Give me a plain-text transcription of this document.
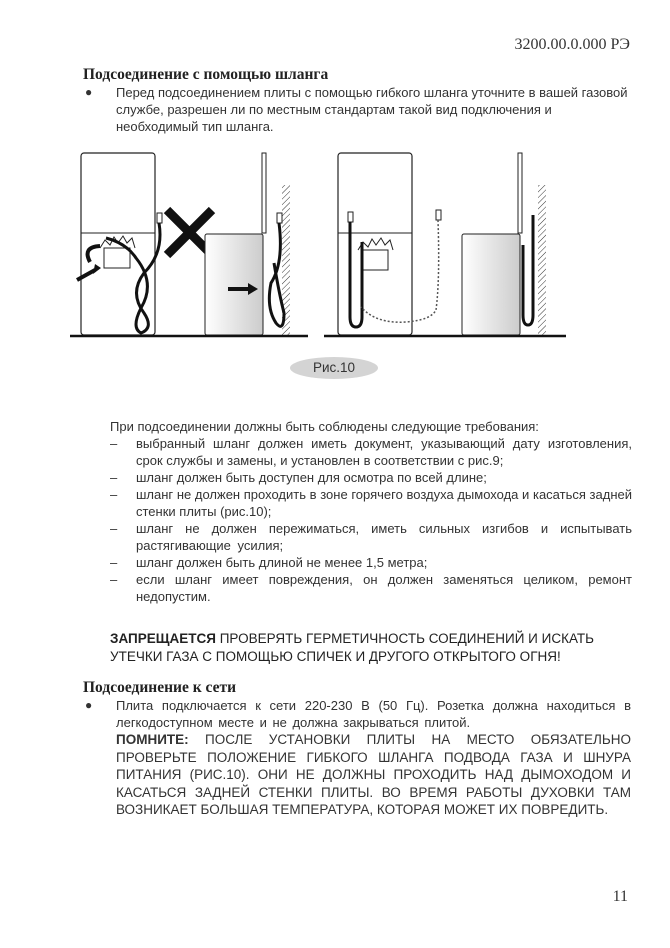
3200.00.0.000 РЭ
Подсоединение с помощью шланга
●	Перед подсоединением плиты с помощью гибкого шланга уточните в вашей газовой службе, разрешен ли по местным стандартам такой вид подключения и необходимый тип шланга.
Рис.10
При подсоединении должны быть соблюдены следующие требования:
–	выбранный шланг должен иметь документ, указывающий дату изготовления, срок службы и замены, и установлен в соответствии с рис.9;
–	шланг должен быть доступен для осмотра по всей длине;
–	шланг не должен проходить в зоне горячего воздуха дымохода и касаться задней стенки плиты (рис.10);
–	шланг не должен пережиматься, иметь сильных изгибов и испытывать растягивающие усилия;
–	шланг должен быть длиной не менее 1,5 метра;
–	если шланг имеет повреждения, он должен заменяться целиком, ремонт недопустим.
ЗАПРЕЩАЕТСЯ ПРОВЕРЯТЬ ГЕРМЕТИЧНОСТЬ СОЕДИНЕНИЙ И ИСКАТЬ УТЕЧКИ ГАЗА С ПОМОЩЬЮ СПИЧЕК И ДРУГОГО ОТКРЫТОГО ОГНЯ!
Подсоединение к сети
●	Плита подключается к сети 220-230 В (50 Гц). Розетка должна находиться в легкодоступном месте и не должна закрываться плитой.
ПОМНИТЕ: ПОСЛЕ УСТАНОВКИ ПЛИТЫ НА МЕСТО ОБЯЗАТЕЛЬНО ПРОВЕРЬТЕ ПОЛОЖЕНИЕ ГИБКОГО ШЛАНГА ПОДВОДА ГАЗА И ШНУРА ПИТАНИЯ (РИС.10). ОНИ НЕ ДОЛЖНЫ ПРОХОДИТЬ НАД ДЫМОХОДОМ И КАСАТЬСЯ ЗАДНЕЙ СТЕНКИ ПЛИТЫ. ВО ВРЕМЯ РАБОТЫ ДУХОВКИ ТАМ ВОЗНИКАЕТ БОЛЬШАЯ ТЕМПЕРАТУРА, КОТОРАЯ МОЖЕТ ИХ ПОВРЕДИТЬ.
11
